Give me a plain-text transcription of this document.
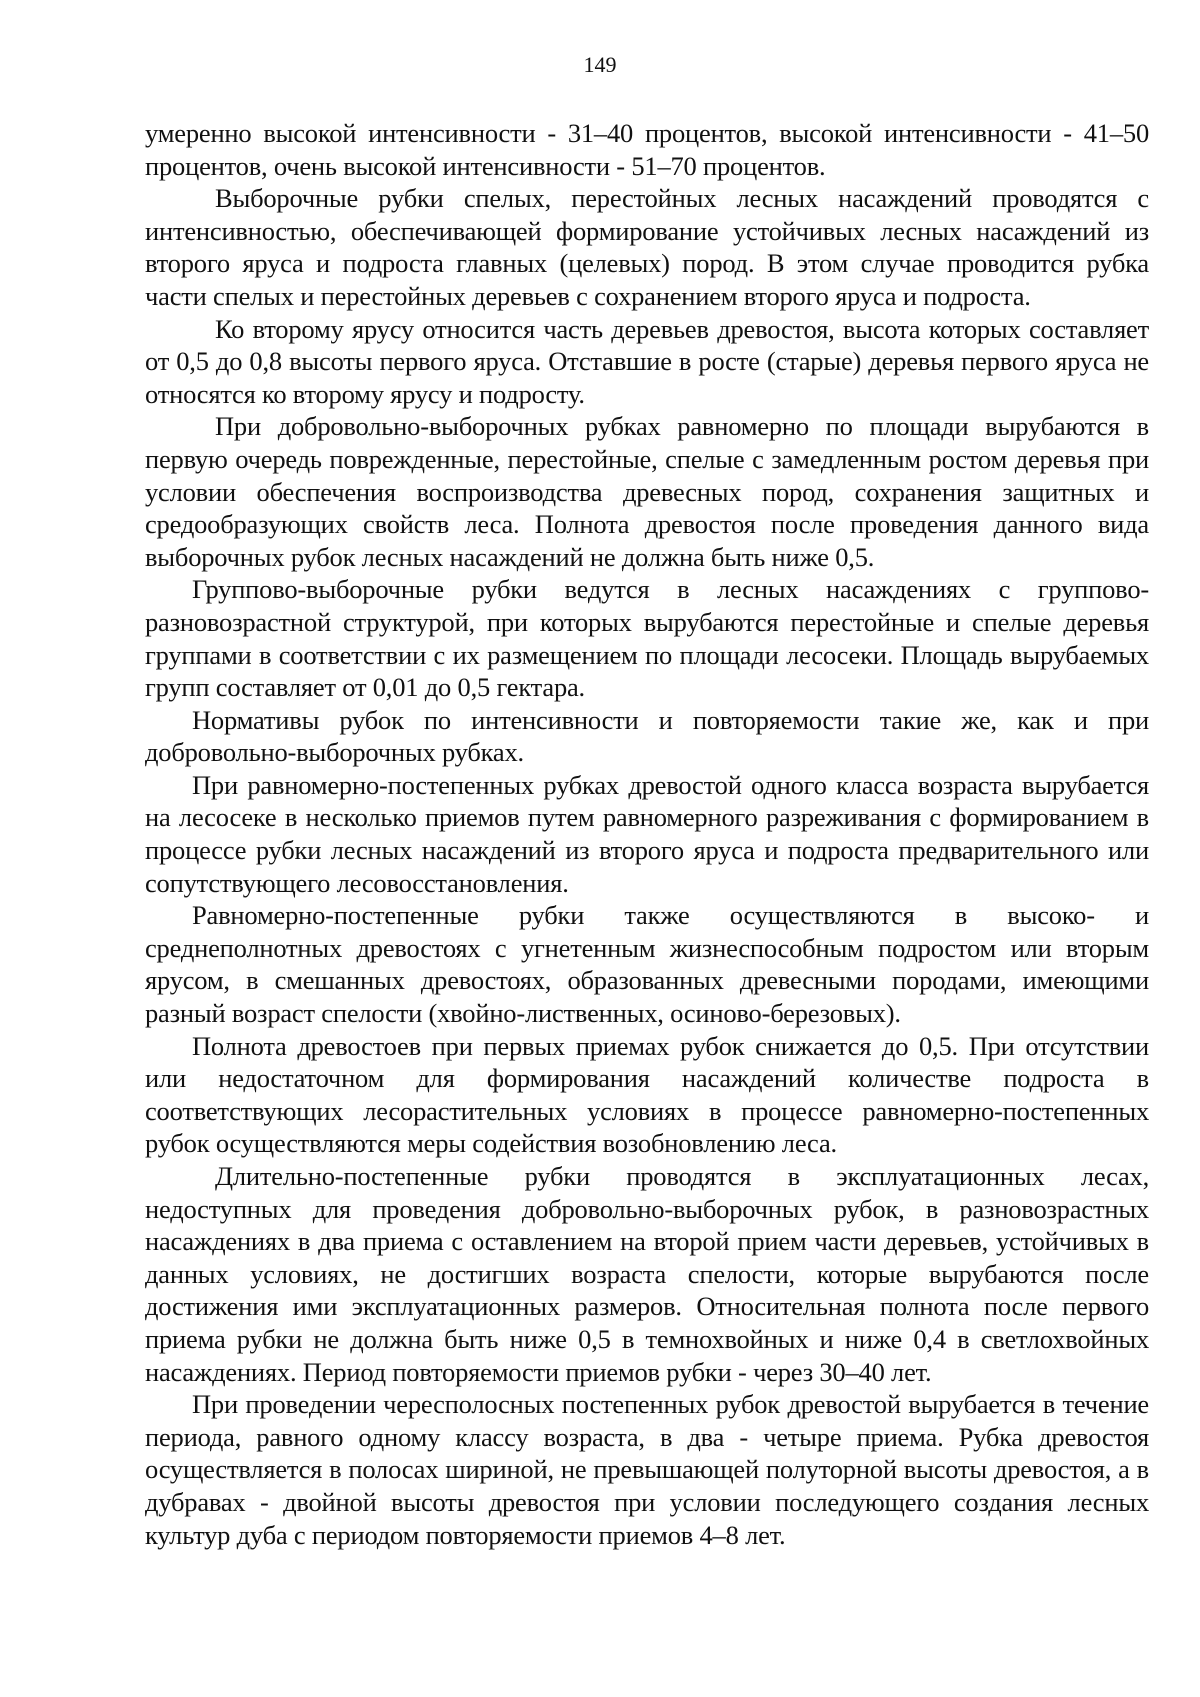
149

умеренно высокой интенсивности - 31–40 процентов, высокой интенсивности - 41–50 процентов, очень высокой интенсивности - 51–70 процентов.

Выборочные рубки спелых, перестойных лесных насаждений проводятся с интенсивностью, обеспечивающей формирование устойчивых лесных насаждений из второго яруса и подроста главных (целевых) пород. В этом случае проводится рубка части спелых и перестойных деревьев с сохранением второго яруса и подроста.

Ко второму ярусу относится часть деревьев древостоя, высота которых составляет от 0,5 до 0,8 высоты первого яруса. Отставшие в росте (старые) деревья первого яруса не относятся ко второму ярусу и подросту.

При добровольно-выборочных рубках равномерно по площади вырубаются в первую очередь поврежденные, перестойные, спелые с замедленным ростом деревья при условии обеспечения воспроизводства древесных пород, сохранения защитных и средообразующих свойств леса. Полнота древостоя после проведения данного вида выборочных рубок лесных насаждений не должна быть ниже 0,5.

Группово-выборочные рубки ведутся в лесных насаждениях с группово-разновозрастной структурой, при которых вырубаются перестойные и спелые деревья группами в соответствии с их размещением по площади лесосеки. Площадь вырубаемых групп составляет от 0,01 до 0,5 гектара.

Нормативы рубок по интенсивности и повторяемости такие же, как и при добровольно-выборочных рубках.

При равномерно-постепенных рубках древостой одного класса возраста вырубается на лесосеке в несколько приемов путем равномерного разреживания с формированием в процессе рубки лесных насаждений из второго яруса и подроста предварительного или сопутствующего лесовосстановления.

Равномерно-постепенные рубки также осуществляются в высоко- и среднеполнотных древостоях с угнетенным жизнеспособным подростом или вторым ярусом, в смешанных древостоях, образованных древесными породами, имеющими разный возраст спелости (хвойно-лиственных, осиново-березовых).

Полнота древостоев при первых приемах рубок снижается до 0,5. При отсутствии или недостаточном для формирования насаждений количестве подроста в соответствующих лесорастительных условиях в процессе равномерно-постепенных рубок осуществляются меры содействия возобновлению леса.

Длительно-постепенные рубки проводятся в эксплуатационных лесах, недоступных для проведения добровольно-выборочных рубок, в разновозрастных насаждениях в два приема с оставлением на второй прием части деревьев, устойчивых в данных условиях, не достигших возраста спелости, которые вырубаются после достижения ими эксплуатационных размеров. Относительная полнота после первого приема рубки не должна быть ниже 0,5 в темнохвойных и ниже 0,4 в светлохвойных насаждениях. Период повторяемости приемов рубки - через 30–40 лет.

При проведении чересполосных постепенных рубок древостой вырубается в течение периода, равного одному классу возраста, в два - четыре приема. Рубка древостоя осуществляется в полосах шириной, не превышающей полуторной высоты древостоя, а в дубравах - двойной высоты древостоя при условии последующего создания лесных культур дуба с периодом повторяемости приемов 4–8 лет.
